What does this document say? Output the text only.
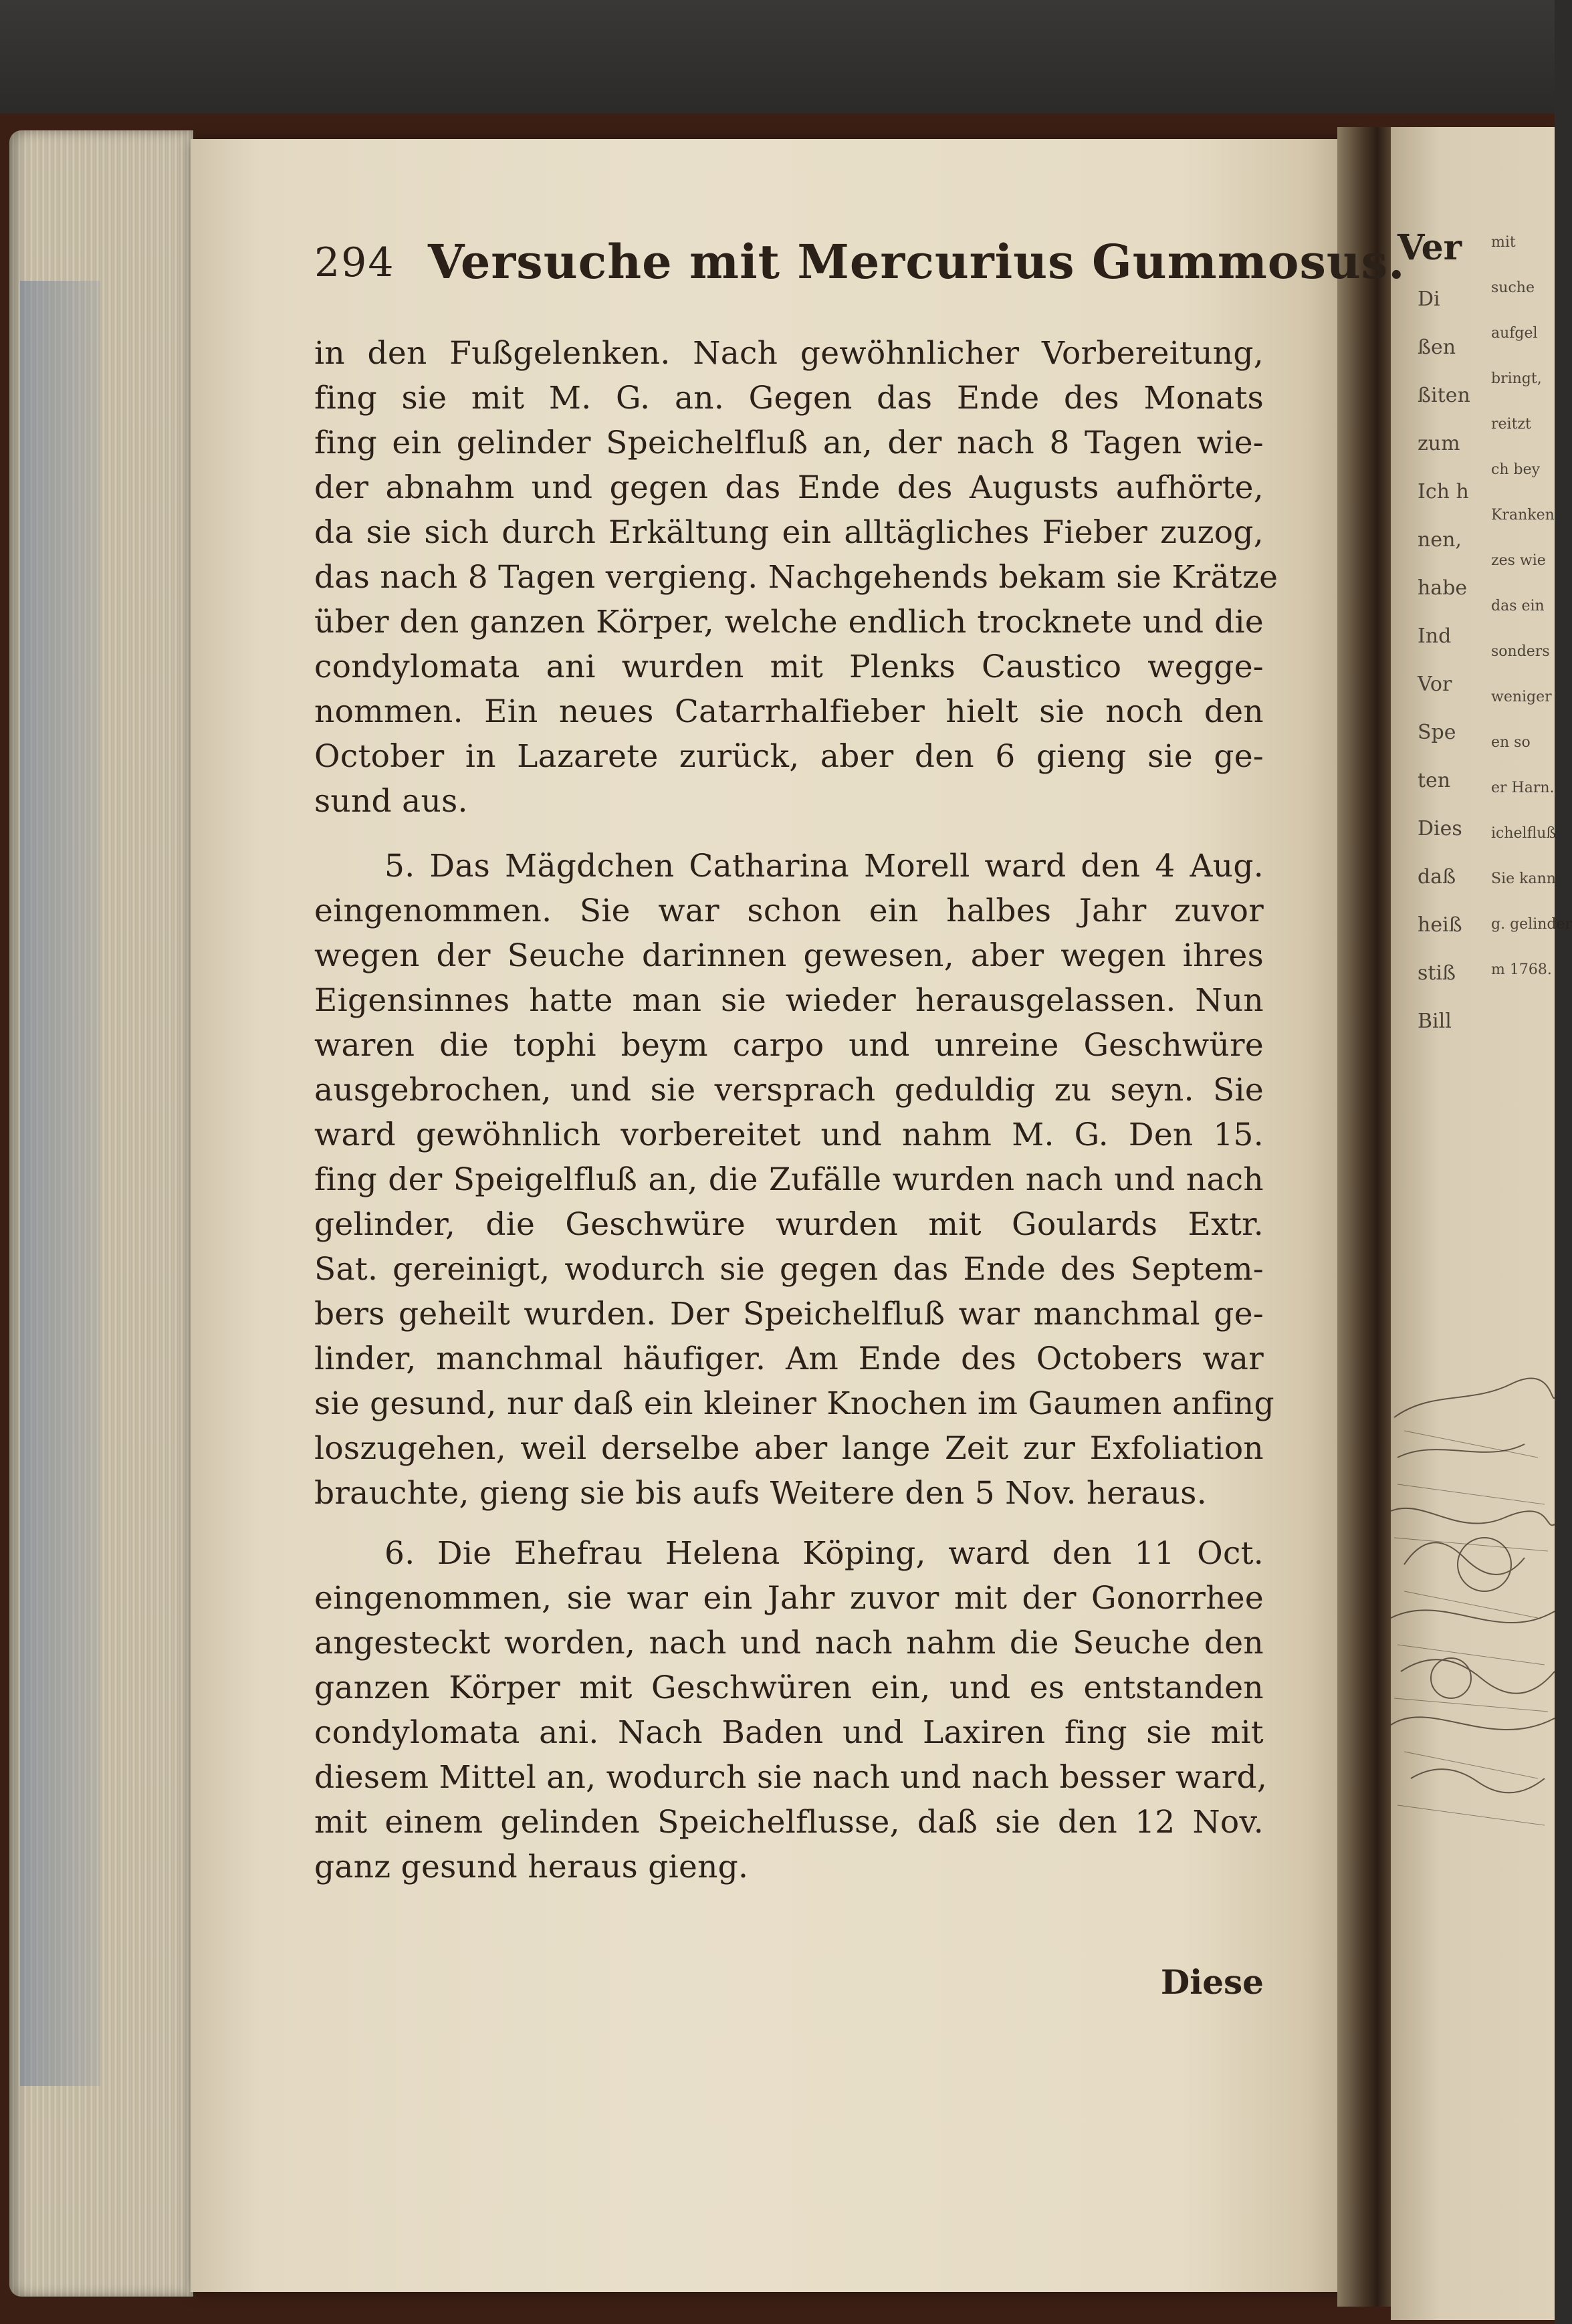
Ver
Di
ßen
ßiten
zum
Ich h
nen,
habe
Ind
Vor
Spe
ten
Dies
daß
heiß
stiß
Bill
mit
suche
aufgel
bringt,
reitzt
ch bey
Kranken
zes wie
das ein
sonders
weniger
en so
er Harn.
ichelfluß
Sie kann
g. gelinder
m 1768.
294 Versuche mit Mercurius Gummosus.
in den Fußgelenken. Nach gewöhnlicher Vorbereitung,
fing sie mit M. G. an. Gegen das Ende des Monats
fing ein gelinder Speichelfluß an, der nach 8 Tagen wie-
der abnahm und gegen das Ende des Augusts aufhörte,
da sie sich durch Erkältung ein alltägliches Fieber zuzog,
das nach 8 Tagen vergieng. Nachgehends bekam sie Krätze
über den ganzen Körper, welche endlich trocknete und die
condylomata ani wurden mit Plenks Caustico wegge-
nommen. Ein neues Catarrhalfieber hielt sie noch den
October in Lazarete zurück, aber den 6 gieng sie ge-
sund aus.
5. Das Mägdchen Catharina Morell ward den 4 Aug.
eingenommen. Sie war schon ein halbes Jahr zuvor
wegen der Seuche darinnen gewesen, aber wegen ihres
Eigensinnes hatte man sie wieder herausgelassen. Nun
waren die tophi beym carpo und unreine Geschwüre
ausgebrochen, und sie versprach geduldig zu seyn. Sie
ward gewöhnlich vorbereitet und nahm M. G. Den 15.
fing der Speigelfluß an, die Zufälle wurden nach und nach
gelinder, die Geschwüre wurden mit Goulards Extr.
Sat. gereinigt, wodurch sie gegen das Ende des Septem-
bers geheilt wurden. Der Speichelfluß war manchmal ge-
linder, manchmal häufiger. Am Ende des Octobers war
sie gesund, nur daß ein kleiner Knochen im Gaumen anfing
loszugehen, weil derselbe aber lange Zeit zur Exfoliation
brauchte, gieng sie bis aufs Weitere den 5 Nov. heraus.
6. Die Ehefrau Helena Köping, ward den 11 Oct.
eingenommen, sie war ein Jahr zuvor mit der Gonorrhee
angesteckt worden, nach und nach nahm die Seuche den
ganzen Körper mit Geschwüren ein, und es entstanden
condylomata ani. Nach Baden und Laxiren fing sie mit
diesem Mittel an, wodurch sie nach und nach besser ward,
mit einem gelinden Speichelflusse, daß sie den 12 Nov.
ganz gesund heraus gieng.
Diese
